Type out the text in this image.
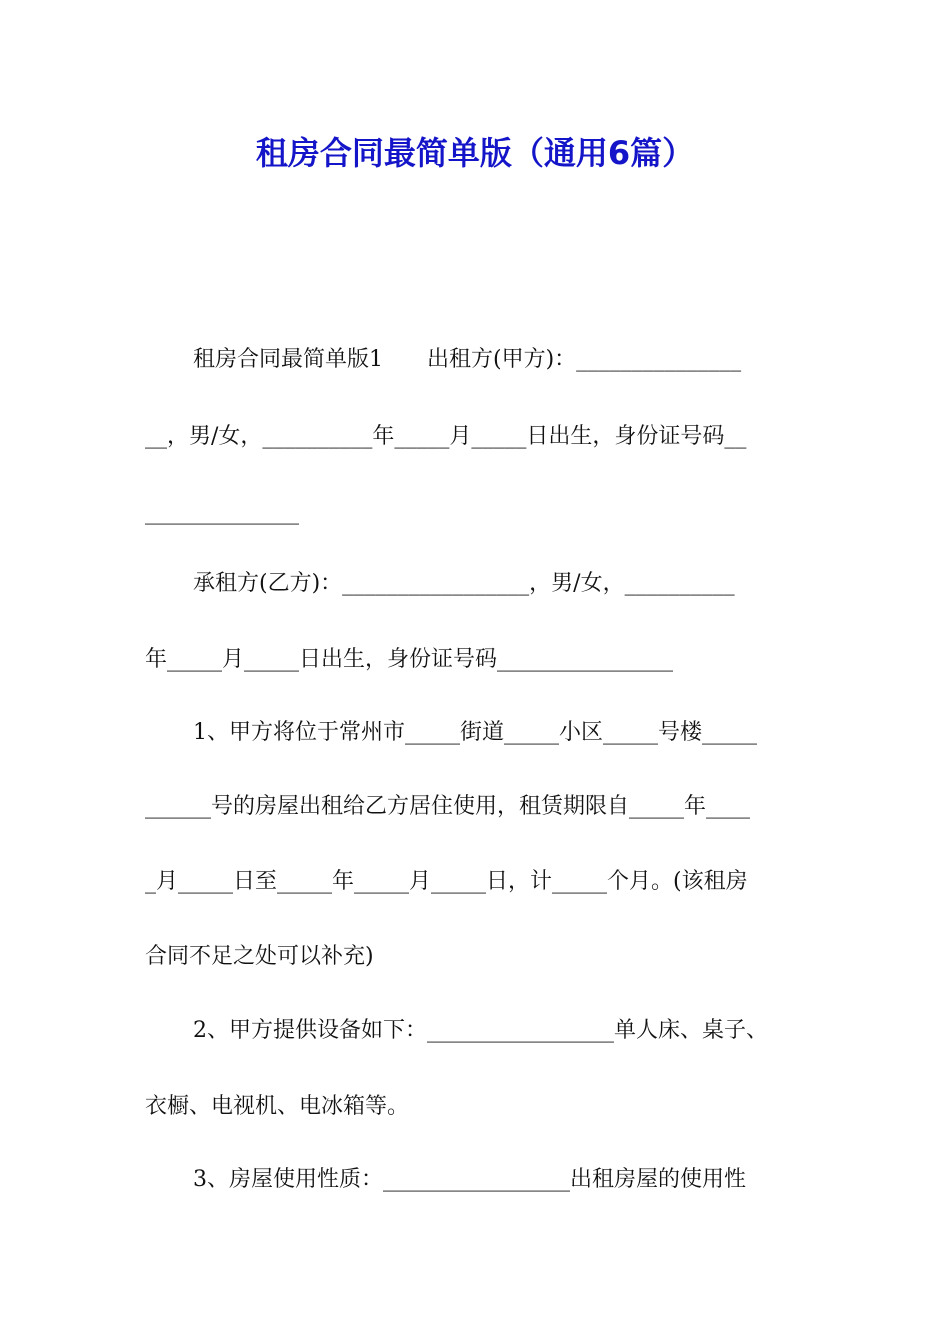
租房合同最简单版（通用6篇）
租房合同最简单版1　　出租方(甲方)：_______________
__，男/女，__________年_____月_____日出生，身份证号码__
______________
承租方(乙方)：_________________，男/女，__________
年_____月_____日出生，身份证号码________________
1、甲方将位于常州市_____街道_____小区_____号楼_____
______号的房屋出租给乙方居住使用，租赁期限自_____年____
_月_____日至_____年_____月_____日，计_____个月。(该租房
合同不足之处可以补充)
2、甲方提供设备如下：_________________单人床、桌子、
衣橱、电视机、电冰箱等。
3、房屋使用性质：_________________出租房屋的使用性
